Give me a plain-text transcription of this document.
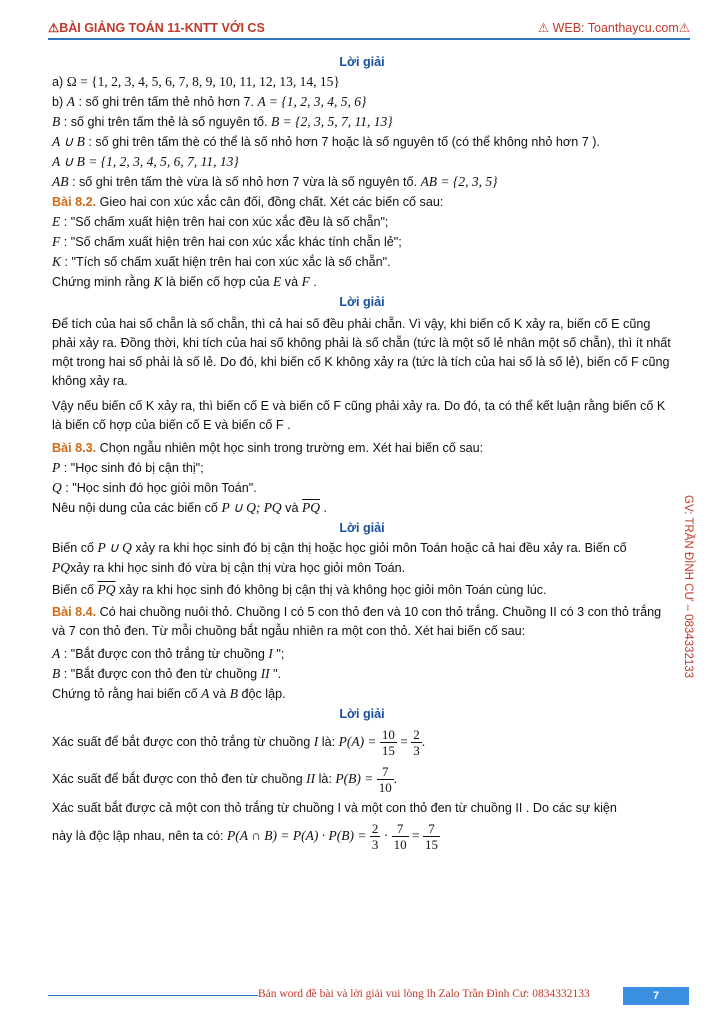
⚠BÀI GIẢNG TOÁN 11-KNTT VỚI CS	⚠ WEB: Toanthaycu.com⚠
GV: TRẦN ĐÌNH CƯ – 0834332133
Lời giải
a) Ω = {1, 2, 3, 4, 5, 6, 7, 8, 9, 10, 11, 12, 13, 14, 15}
b) A : số ghi trên tấm thẻ nhỏ hơn 7. A = {1, 2, 3, 4, 5, 6}
B : số ghi trên tấm thẻ là số nguyên tố. B = {2, 3, 5, 7, 11, 13}
A ∪ B : số ghi trên tấm thè có thể là số nhỏ hơn 7 hoặc là số nguyên tố (có thể không nhỏ hơn 7 ).
A ∪ B = {1, 2, 3, 4, 5, 6, 7, 11, 13}
AB : số ghi trên tấm thè vừa là số nhỏ hơn 7 vừa là số nguyên tố. AB = {2, 3, 5}
Bài 8.2. Gieo hai con xúc xắc cân đối, đồng chất. Xét các biến cố sau:
E : "Số chấm xuất hiện trên hai con xúc xắc đều là số chẵn";
F : "Số chấm xuất hiện trên hai con xúc xắc khác tính chẵn lẻ";
K : "Tích số chấm xuất hiện trên hai con xúc xắc là số chẵn".
Chứng minh rằng K là biến cố hợp của E và F .
Lời giải
Để tích của hai số chẵn là số chẵn, thì cả hai số đều phải chẵn. Vì vậy, khi biến cố K xảy ra, biến cố E cũng phải xảy ra. Đồng thời, khi tích của hai số không phải là số chẵn (tức là một số lẻ nhân một số chẵn), thì ít nhất một trong hai số phải là số lẻ. Do đó, khi biến cố K không xảy ra (tức là tích của hai số là số lẻ), biến cố F cũng không xảy ra.
Vậy nếu biến cố K xảy ra, thì biến cố E và biến cố F cũng phải xảy ra. Do đó, ta có thể kết luận rằng biến cố K là biến cố hợp của biến cố E và biến cố F .
Bài 8.3. Chọn ngẫu nhiên một học sinh trong trường em. Xét hai biến cố sau:
P : "Học sinh đó bị cận thị";
Q : "Học sinh đó học giỏi môn Toán".
Nêu nội dung của các biến cố P ∪ Q; PQ và $\overline{PQ}$ .
Lời giải
Biến cố P ∪ Q xảy ra khi học sinh đó bị cận thị hoặc học giỏi môn Toán hoặc cả hai đều xảy ra. Biến cố
PQxảy ra khi học sinh đó vừa bị cận thị vừa học giỏi môn Toán.
Biến cố $\overline{PQ}$ xảy ra khi học sinh đó không bị cận thị và không học giỏi môn Toán cùng lúc.
Bài 8.4. Có hai chuồng nuôi thỏ. Chuồng I có 5 con thỏ đen và 10 con thỏ trắng. Chuồng II có 3 con thỏ trắng và 7 con thỏ đen. Từ mỗi chuồng bắt ngẫu nhiên ra một con thỏ. Xét hai biến cố sau:
A : "Bắt được con thỏ trắng từ chuồng I ";
B : "Bắt được con thỏ đen từ chuồng II ".
Chứng tỏ rằng hai biến cố A và B độc lập.
Lời giải
Xác suất để bắt được con thỏ trắng từ chuồng I là: $P(A) = \frac{10}{15} = \frac{2}{3}$ .
Xác suất để bắt được con thỏ đen từ chuồng II là: $P(B) = \frac{7}{10}$ .
Xác suất bắt được cả một con thỏ trắng từ chuồng I và một con thỏ đen từ chuồng II . Do các sự kiện
này là độc lập nhau, nên ta có: P(A ∩ $B) = P(A) \cdot P(B) = \frac{2}{3} \cdot \frac{7}{10} = \frac{7}{15}$
Bản word đề bài và lời giải vui lòng lh Zalo Trần Đình Cư: 0834332133	7
